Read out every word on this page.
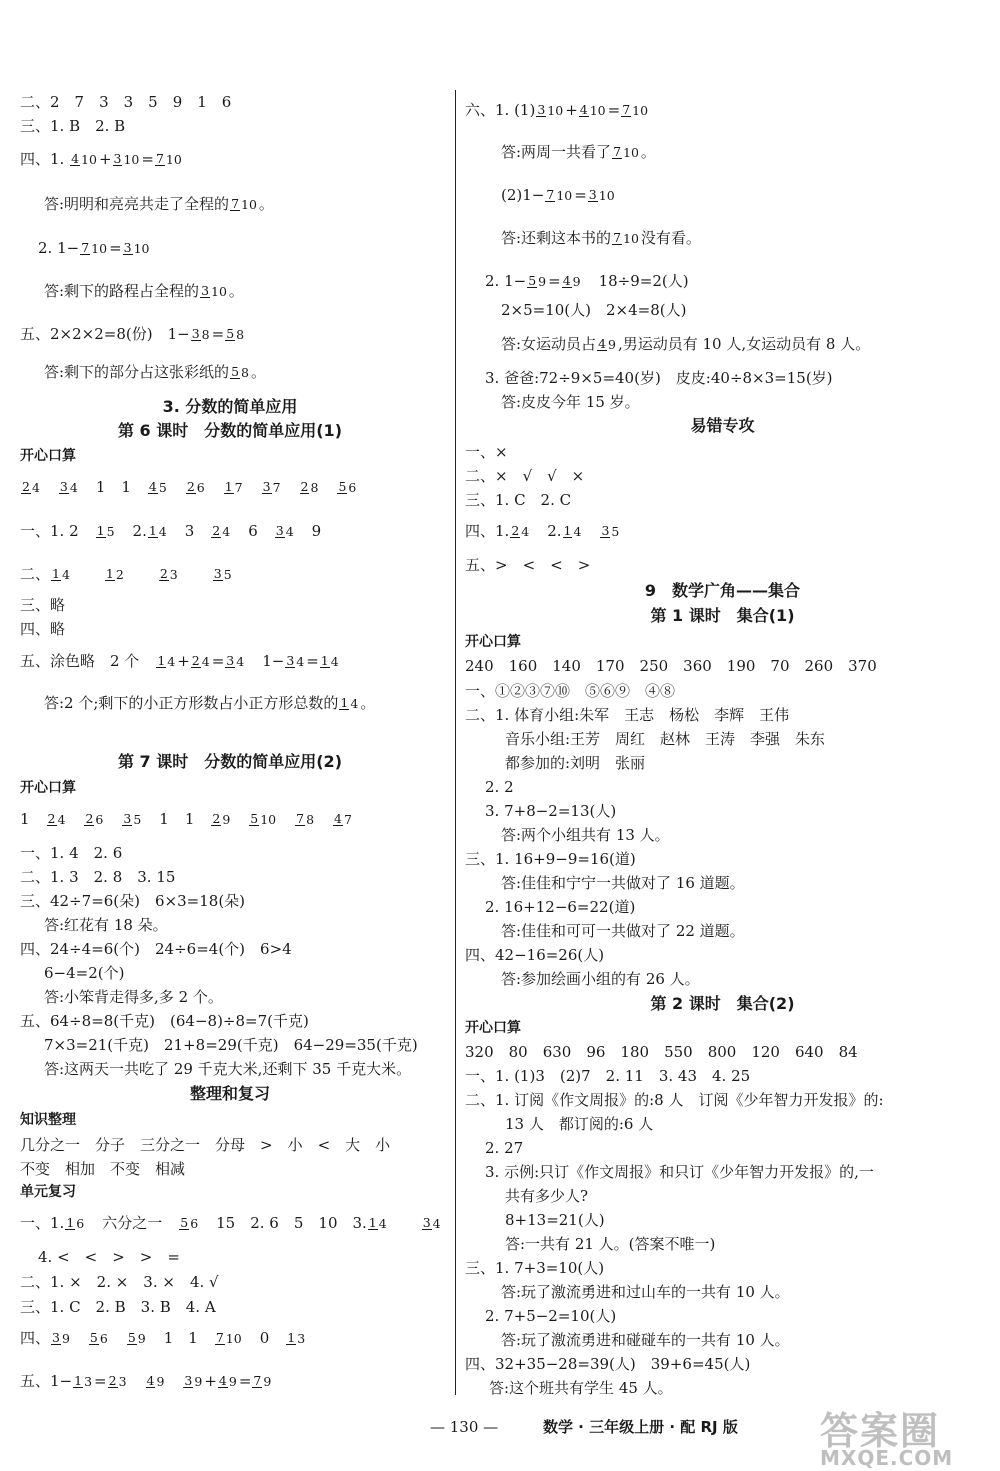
二、2　7　3　3　5　9　1　6
三、1. B　2. B
四、1. 4 10 + 3 10 = 7 10
答:明明和亮亮共走了全程的 7 10 。
2. 1− 7 10 = 3 10
答:剩下的路程占全程的 3 10 。
五、2×2×2=8(份)　1− 3 8 = 5 8
答:剩下的部分占这张彩纸的 5 8 。
3. 分数的简单应用
第 6 课时　分数的简单应用(1)
开心口算
2 4 3 4 1 1 4 5 2 6 1 7 3 7 2 8 5 6
一、1. 2 1 5 2. 1 4 3 2 4 6 3 4 9
二、 1 4	1 2	2 3	3 5
三、略
四、略
五、涂色略　2 个 1 4 + 2 4 = 3 4 1− 3 4 = 1 4
答:2 个;剩下的小正方形数占小正方形总数的 1 4 。
第 7 课时　分数的简单应用(2)
开心口算
1 2 4 2 6 3 5 1 1 2 9 5 10 7 8 4 7
一、1. 4　2. 6
二、1. 3　2. 8　3. 15
三、42÷7=6(朵)　6×3=18(朵)
答:红花有 18 朵。
四、24÷4=6(个)　24÷6=4(个)　6>4
6−4=2(个)
答:小笨背走得多,多 2 个。
五、64÷8=8(千克)　(64−8)÷8=7(千克)
7×3=21(千克)　21+8=29(千克)　64−29=35(千克)
答:这两天一共吃了 29 千克大米,还剩下 35 千克大米。
整理和复习
知识整理
几分之一　分子　三分之一　分母　>　小　<　大　小
不变　相加　不变　相减
单元复习
一、1. 1 6 六分之一 5 6 15　2. 6　5　10　3. 1 4	3 4
4. <　<　>　>　=
二、1. ×　2. ×　3. ×　4. √
三、1. C　2. B　3. B　4. A
四、 3 9 5 6 5 9 1　1 7 10 0 1 3
五、1− 1 3 = 2 3 4 9 3 9 + 4 9 = 7 9
六、1. (1) 3 10 + 4 10 = 7 10
答:两周一共看了 7 10 。
(2)1− 7 10 = 3 10
答:还剩这本书的 7 10 没有看。
2. 1− 5 9 = 4 9 18÷9=2(人)
2×5=10(人)　2×4=8(人)
答:女运动员占 4 9 ,男运动员有 10 人,女运动员有 8 人。
3. 爸爸:72÷9×5=40(岁)　皮皮:40÷8×3=15(岁)
答:皮皮今年 15 岁。
易错专攻
一、×
二、×　√　√　×
三、1. C　2. C
四、1. 2 4 2. 1 4 3 5
五、>　<　<　>
9　数学广角——集合
第 1 课时　集合(1)
开心口算
240　160　140　170　250　360　190　70　260　370
一、①②③⑦⑩　⑤⑥⑨　④⑧
二、1. 体育小组:朱军　王志　杨松　李辉　王伟
音乐小组:王芳　周红　赵林　王涛　李强　朱东
都参加的:刘明　张丽
2. 2
3. 7+8−2=13(人)
答:两个小组共有 13 人。
三、1. 16+9−9=16(道)
答:佳佳和宁宁一共做对了 16 道题。
2. 16+12−6=22(道)
答:佳佳和可可一共做对了 22 道题。
四、42−16=26(人)
答:参加绘画小组的有 26 人。
第 2 课时　集合(2)
开心口算
320　80　630　96　180　550　800　120　640　84
一、1. (1)3　(2)7　2. 11　3. 43　4. 25
二、1. 订阅《作文周报》的:8 人　订阅《少年智力开发报》的:
13 人　都订阅的:6 人
2. 27
3. 示例:只订《作文周报》和只订《少年智力开发报》的,一
共有多少人?
8+13=21(人)
答:一共有 21 人。(答案不唯一)
三、1. 7+3=10(人)
答:玩了激流勇进和过山车的一共有 10 人。
2. 7+5−2=10(人)
答:玩了激流勇进和碰碰车的一共有 10 人。
四、32+35−28=39(人)　39+6=45(人)
答:这个班共有学生 45 人。
— 130 —	数学 · 三年级上册 · 配 RJ 版 答案圈
MXQE.COM
